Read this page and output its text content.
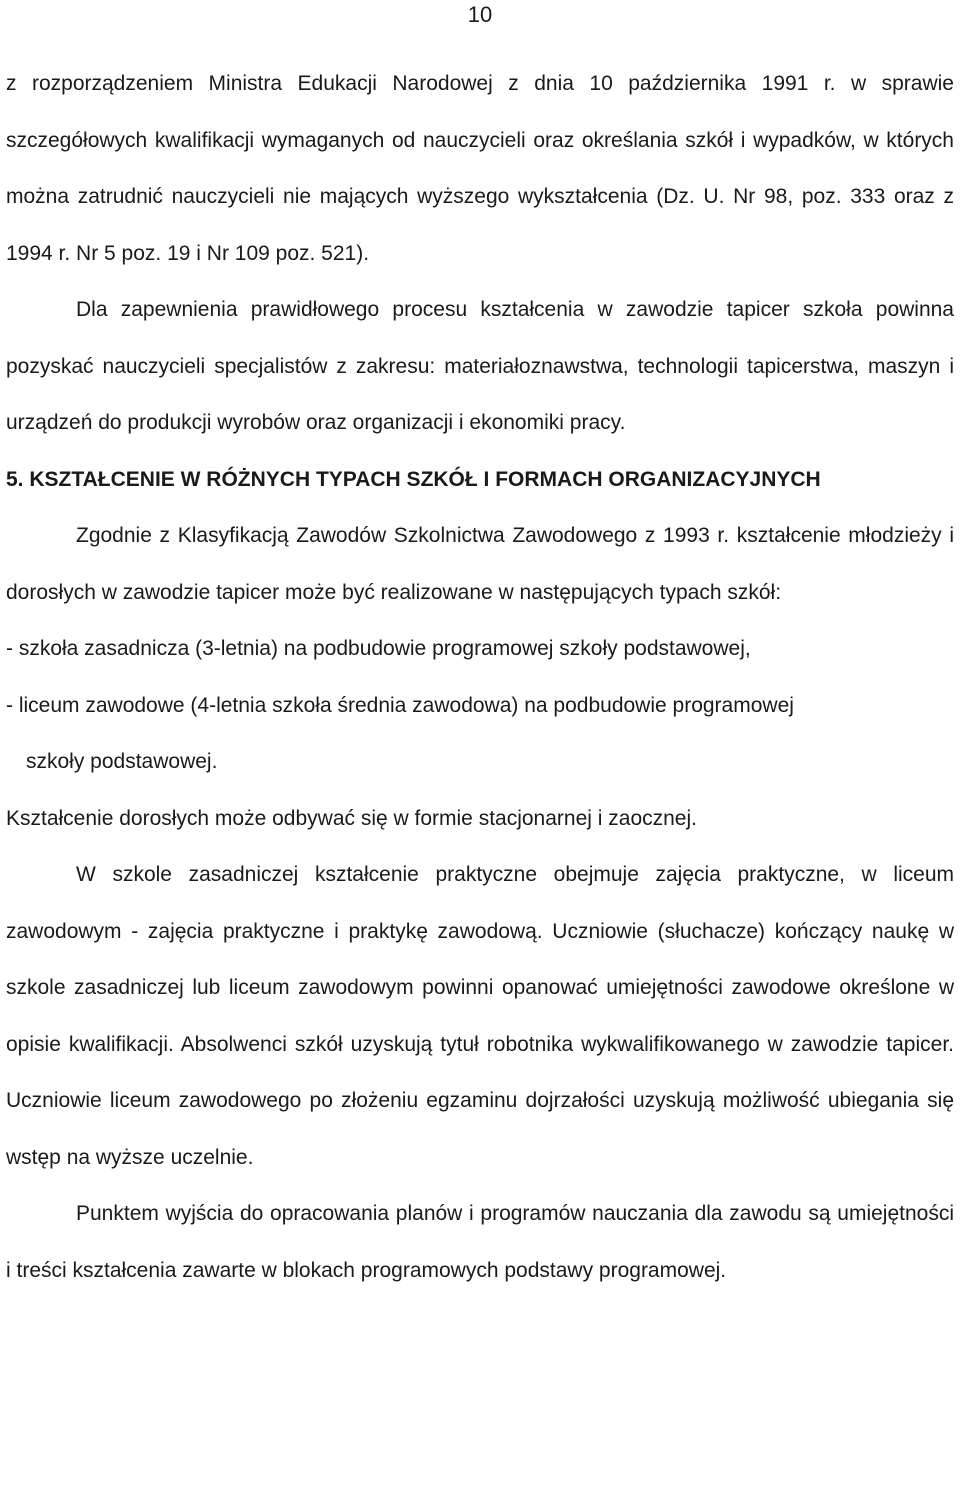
10

z rozporządzeniem Ministra Edukacji Narodowej z dnia 10 października 1991 r. w sprawie szczegółowych kwalifikacji wymaganych od nauczycieli oraz określania szkół i wypadków, w których można zatrudnić nauczycieli nie mających wyższego wykształcenia (Dz. U. Nr 98, poz. 333 oraz z 1994 r. Nr 5 poz. 19 i Nr 109 poz. 521).

Dla zapewnienia prawidłowego procesu kształcenia w zawodzie tapicer szkoła powinna pozyskać nauczycieli specjalistów z zakresu: materiałoznawstwa, technologii tapicerstwa, maszyn i urządzeń do produkcji wyrobów oraz organizacji i ekonomiki pracy.

5. KSZTAŁCENIE W RÓŻNYCH TYPACH SZKÓŁ I FORMACH ORGANIZACYJNYCH

Zgodnie z Klasyfikacją Zawodów Szkolnictwa Zawodowego z 1993 r. kształcenie młodzieży i dorosłych w zawodzie tapicer może być realizowane w następujących typach szkół:

- szkoła zasadnicza (3-letnia) na podbudowie programowej szkoły podstawowej,

- liceum zawodowe (4-letnia szkoła średnia zawodowa) na podbudowie programowej

szkoły podstawowej.

Kształcenie dorosłych może odbywać się w formie stacjonarnej i zaocznej.

W szkole zasadniczej kształcenie praktyczne obejmuje zajęcia praktyczne, w liceum zawodowym - zajęcia praktyczne i praktykę zawodową. Uczniowie (słuchacze) kończący naukę w szkole zasadniczej lub liceum zawodowym powinni opanować umiejętności zawodowe określone w opisie kwalifikacji. Absolwenci szkół uzyskują tytuł robotnika wykwalifikowanego w zawodzie tapicer. Uczniowie liceum zawodowego po złożeniu egzaminu dojrzałości uzyskują możliwość ubiegania się wstęp na wyższe uczelnie.

Punktem wyjścia do opracowania planów i programów nauczania dla zawodu są umiejętności i treści kształcenia zawarte w blokach programowych podstawy programowej.
